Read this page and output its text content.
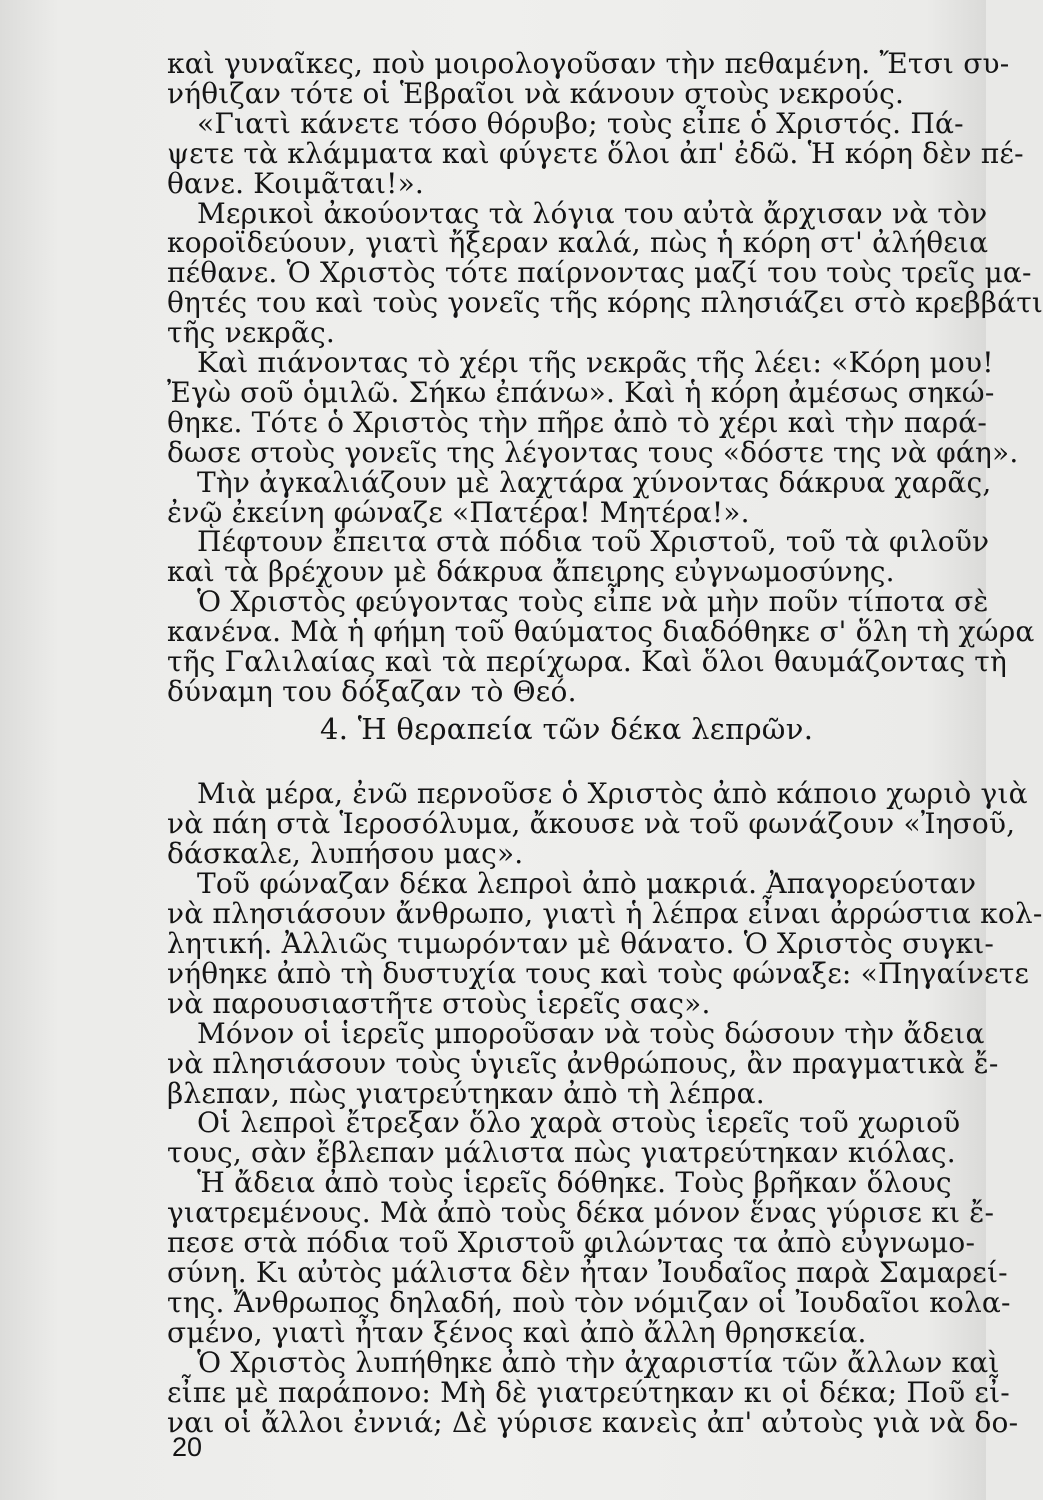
καὶ γυναῖκες, ποὺ μοιρολογοῦσαν τὴν πεθαμένη. Ἔτσι συ-
νήθιζαν τότε οἱ Ἑβραῖοι νὰ κάνουν στοὺς νεκρούς.
«Γιατὶ κάνετε τόσο θόρυβο; τοὺς εἶπε ὁ Χριστός. Πά-
ψετε τὰ κλάμματα καὶ φύγετε ὅλοι ἀπ' ἐδῶ. Ἡ κόρη δὲν πέ-
θανε. Κοιμᾶται!».
Μερικοὶ ἀκούοντας τὰ λόγια του αὐτὰ ἄρχισαν νὰ τὸν
κοροϊδεύουν, γιατὶ ἤξεραν καλά, πὼς ἡ κόρη στ' ἀλήθεια
πέθανε. Ὁ Χριστὸς τότε παίρνοντας μαζί του τοὺς τρεῖς μα-
θητές του καὶ τοὺς γονεῖς τῆς κόρης πλησιάζει στὸ κρεββάτι
τῆς νεκρᾶς.
Καὶ πιάνοντας τὸ χέρι τῆς νεκρᾶς τῆς λέει: «Κόρη μου!
Ἐγὼ σοῦ ὁμιλῶ. Σήκω ἐπάνω». Καὶ ἡ κόρη ἀμέσως σηκώ-
θηκε. Τότε ὁ Χριστὸς τὴν πῆρε ἀπὸ τὸ χέρι καὶ τὴν παρά-
δωσε στοὺς γονεῖς της λέγοντας τους «δόστε της νὰ φάη».
Τὴν ἀγκαλιάζουν μὲ λαχτάρα χύνοντας δάκρυα χαρᾶς,
ἐνῷ ἐκείνη φώναζε «Πατέρα! Μητέρα!».
Πέφτουν ἔπειτα στὰ πόδια τοῦ Χριστοῦ, τοῦ τὰ φιλοῦν
καὶ τὰ βρέχουν μὲ δάκρυα ἄπειρης εὐγνωμοσύνης.
Ὁ Χριστὸς φεύγοντας τοὺς εἶπε νὰ μὴν ποῦν τίποτα σὲ
κανένα. Μὰ ἡ φήμη τοῦ θαύματος διαδόθηκε σ' ὅλη τὴ χώρα
τῆς Γαλιλαίας καὶ τὰ περίχωρα. Καὶ ὅλοι θαυμάζοντας τὴ
δύναμη του δόξαζαν τὸ Θεό.
4. Ἡ θεραπεία τῶν δέκα λεπρῶν.
Μιὰ μέρα, ἐνῶ περνοῦσε ὁ Χριστὸς ἀπὸ κάποιο χωριὸ γιὰ
νὰ πάη στὰ Ἱεροσόλυμα, ἄκουσε νὰ τοῦ φωνάζουν «Ἰησοῦ,
δάσκαλε, λυπήσου μας».
Τοῦ φώναζαν δέκα λεπροὶ ἀπὸ μακριά. Ἀπαγορεύοταν
νὰ πλησιάσουν ἄνθρωπο, γιατὶ ἡ λέπρα εἶναι ἀρρώστια κολ-
λητική. Ἀλλιῶς τιμωρόνταν μὲ θάνατο. Ὁ Χριστὸς συγκι-
νήθηκε ἀπὸ τὴ δυστυχία τους καὶ τοὺς φώναξε: «Πηγαίνετε
νὰ παρουσιαστῆτε στοὺς ἱερεῖς σας».
Μόνον οἱ ἱερεῖς μποροῦσαν νὰ τοὺς δώσουν τὴν ἄδεια
νὰ πλησιάσουν τοὺς ὑγιεῖς ἀνθρώπους, ἂν πραγματικὰ ἔ-
βλεπαν, πὼς γιατρεύτηκαν ἀπὸ τὴ λέπρα.
Οἱ λεπροὶ ἔτρεξαν ὅλο χαρὰ στοὺς ἱερεῖς τοῦ χωριοῦ
τους, σὰν ἔβλεπαν μάλιστα πὼς γιατρεύτηκαν κιόλας.
Ἡ ἄδεια ἀπὸ τοὺς ἱερεῖς δόθηκε. Τοὺς βρῆκαν ὅλους
γιατρεμένους. Μὰ ἀπὸ τοὺς δέκα μόνον ἕνας γύρισε κι ἔ-
πεσε στὰ πόδια τοῦ Χριστοῦ φιλώντας τα ἀπὸ εὐγνωμο-
σύνη. Κι αὐτὸς μάλιστα δὲν ἦταν Ἰουδαῖος παρὰ Σαμαρεί-
της. Ἄνθρωπος δηλαδή, ποὺ τὸν νόμιζαν οἱ Ἰουδαῖοι κολα-
σμένο, γιατὶ ἦταν ξένος καὶ ἀπὸ ἄλλη θρησκεία.
Ὁ Χριστὸς λυπήθηκε ἀπὸ τὴν ἀχαριστία τῶν ἄλλων καὶ
εἶπε μὲ παράπονο: Μὴ δὲ γιατρεύτηκαν κι οἱ δέκα; Ποῦ εἶ-
ναι οἱ ἄλλοι ἐννιά; Δὲ γύρισε κανεὶς ἀπ' αὐτοὺς γιὰ νὰ δο-
20
